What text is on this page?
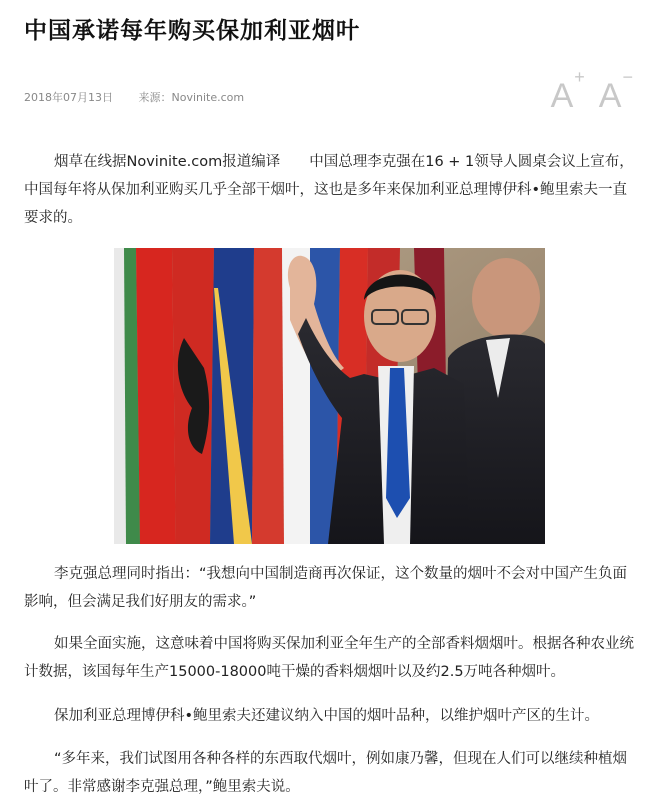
中国承诺每年购买保加利亚烟叶
2018年07月13日 来源：Novinite.com	A+
A−

烟草在线据Novinite.com报道编译　　中国总理李克强在16 + 1领导人圆桌会议上宣布，中国每年将从保加利亚购买几乎全部干烟叶，这也是多年来保加利亚总理博伊科•鲍里索夫一直要求的。

李克强总理同时指出：“我想向中国制造商再次保证，这个数量的烟叶不会对中国产生负面影响，但会满足我们好朋友的需求。”

如果全面实施，这意味着中国将购买保加利亚全年生产的全部香料烟烟叶。根据各种农业统计数据，该国每年生产15000-18000吨干燥的香料烟烟叶以及约2.5万吨各种烟叶。

保加利亚总理博伊科•鲍里索夫还建议纳入中国的烟叶品种，以维护烟叶产区的生计。

“多年来，我们试图用各种各样的东西取代烟叶，例如康乃馨，但现在人们可以继续种植烟叶了。非常感谢李克强总理，”鲍里索夫说。
